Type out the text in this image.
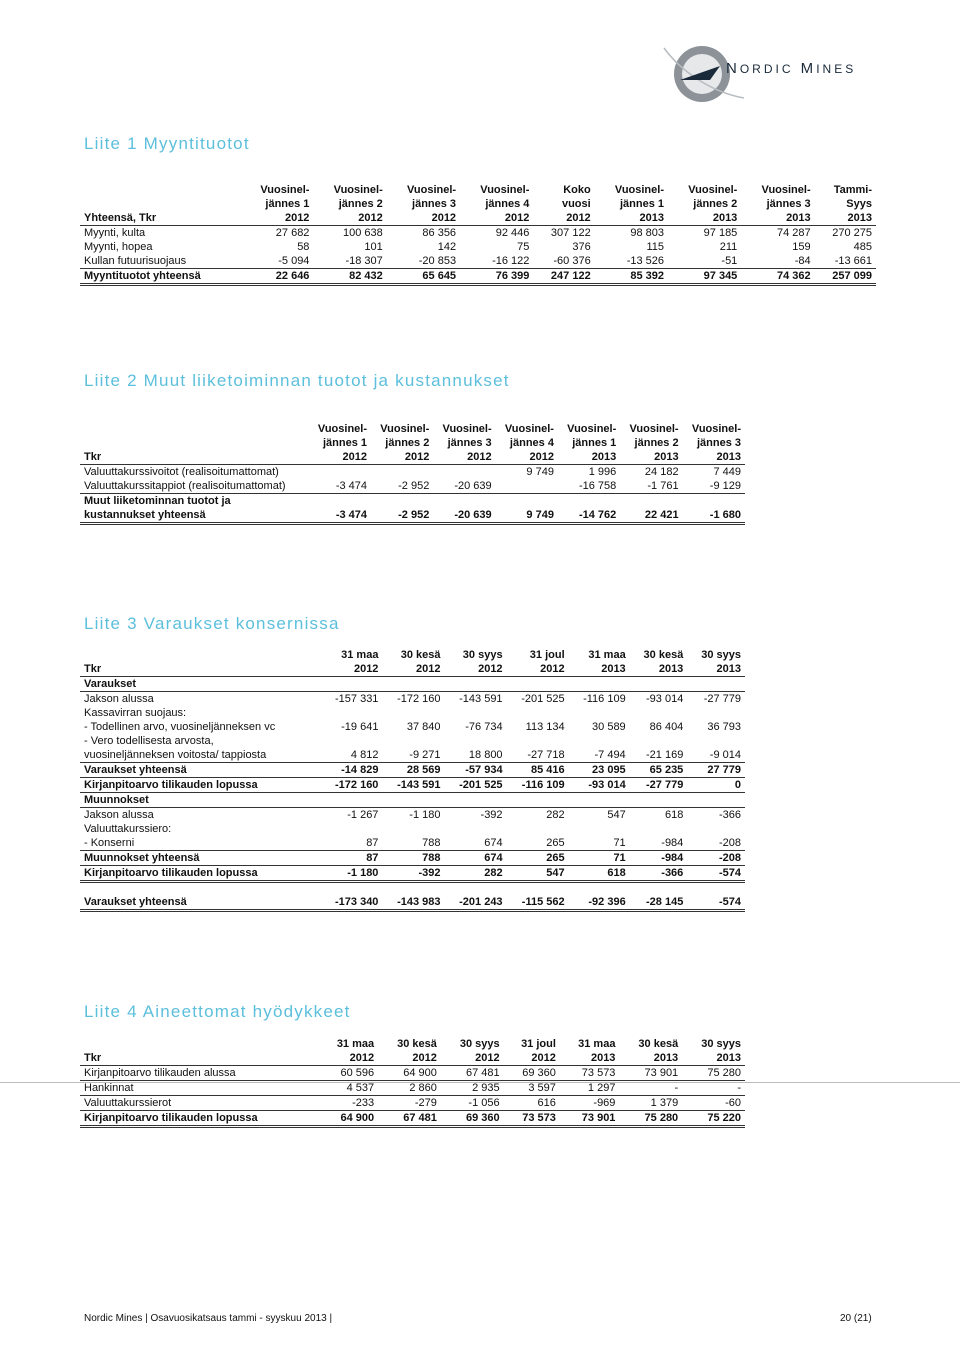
NORDIC MINES
Liite 1 Myyntituotot
	Vuosinel-	Vuosinel-	Vuosinel-	Vuosinel-	Koko	Vuosinel-	Vuosinel-	Vuosinel-	Tammi-
	jännes 1	jännes 2	jännes 3	jännes 4	vuosi	jännes 1	jännes 2	jännes 3	Syys
Yhteensä, Tkr	2012	2012	2012	2012	2012	2013	2013	2013	2013
Myynti, kulta	27 682	100 638	86 356	92 446	307 122	98 803	97 185	74 287	270 275
Myynti, hopea	58	101	142	75	376	115	211	159	485
Kullan futuurisuojaus	-5 094	-18 307	-20 853	-16 122	-60 376	-13 526	-51	-84	-13 661
Myyntituotot yhteensä	22 646	82 432	65 645	76 399	247 122	85 392	97 345	74 362	257 099
Liite 2 Muut liiketoiminnan tuotot ja kustannukset
	Vuosinel-	Vuosinel-	Vuosinel-	Vuosinel-	Vuosinel-	Vuosinel-	Vuosinel-
	jännes 1	jännes 2	jännes 3	jännes 4	jännes 1	jännes 2	jännes 3
Tkr	2012	2012	2012	2012	2013	2013	2013
Valuuttakurssivoitot (realisoitumattomat)				9 749	1 996	24 182	7 449
Valuuttakurssitappiot (realisoitumattomat)	-3 474	-2 952	-20 639		-16 758	-1 761	-9 129
Muut liiketominnan tuotot ja							
kustannukset yhteensä	-3 474	-2 952	-20 639	9 749	-14 762	22 421	-1 680
Liite 3 Varaukset konsernissa
	31 maa	30 kesä	30 syys	31 joul	31 maa	30 kesä	30 syys
Tkr	2012	2012	2012	2012	2013	2013	2013
Varaukset							
Jakson alussa	-157 331	-172 160	-143 591	-201 525	-116 109	-93 014	-27 779
Kassavirran suojaus:							
- Todellinen arvo, vuosineljänneksen vc	-19 641	37 840	-76 734	113 134	30 589	86 404	36 793
- Vero todellisesta arvosta,							
vuosineljänneksen voitosta/ tappiosta	4 812	-9 271	18 800	-27 718	-7 494	-21 169	-9 014
Varaukset yhteensä	-14 829	28 569	-57 934	85 416	23 095	65 235	27 779
Kirjanpitoarvo tilikauden lopussa	-172 160	-143 591	-201 525	-116 109	-93 014	-27 779	0
Muunnokset							
Jakson alussa	-1 267	-1 180	-392	282	547	618	-366
Valuuttakurssiero:							
- Konserni	87	788	674	265	71	-984	-208
Muunnokset yhteensä	87	788	674	265	71	-984	-208
Kirjanpitoarvo tilikauden lopussa	-1 180	-392	282	547	618	-366	-574

Varaukset yhteensä	-173 340	-143 983	-201 243	-115 562	-92 396	-28 145	-574
Liite 4 Aineettomat hyödykkeet
	31 maa	30 kesä	30 syys	31 joul	31 maa	30 kesä	30 syys
Tkr	2012	2012	2012	2012	2013	2013	2013
Kirjanpitoarvo tilikauden alussa	60 596	64 900	67 481	69 360	73 573	73 901	75 280
Hankinnat	4 537	2 860	2 935	3 597	1 297	-	-
Valuuttakurssierot	-233	-279	-1 056	616	-969	1 379	-60
Kirjanpitoarvo tilikauden lopussa	64 900	67 481	69 360	73 573	73 901	75 280	75 220
Nordic Mines | Osavuosikatsaus tammi - syyskuu 2013 |	20 (21)
